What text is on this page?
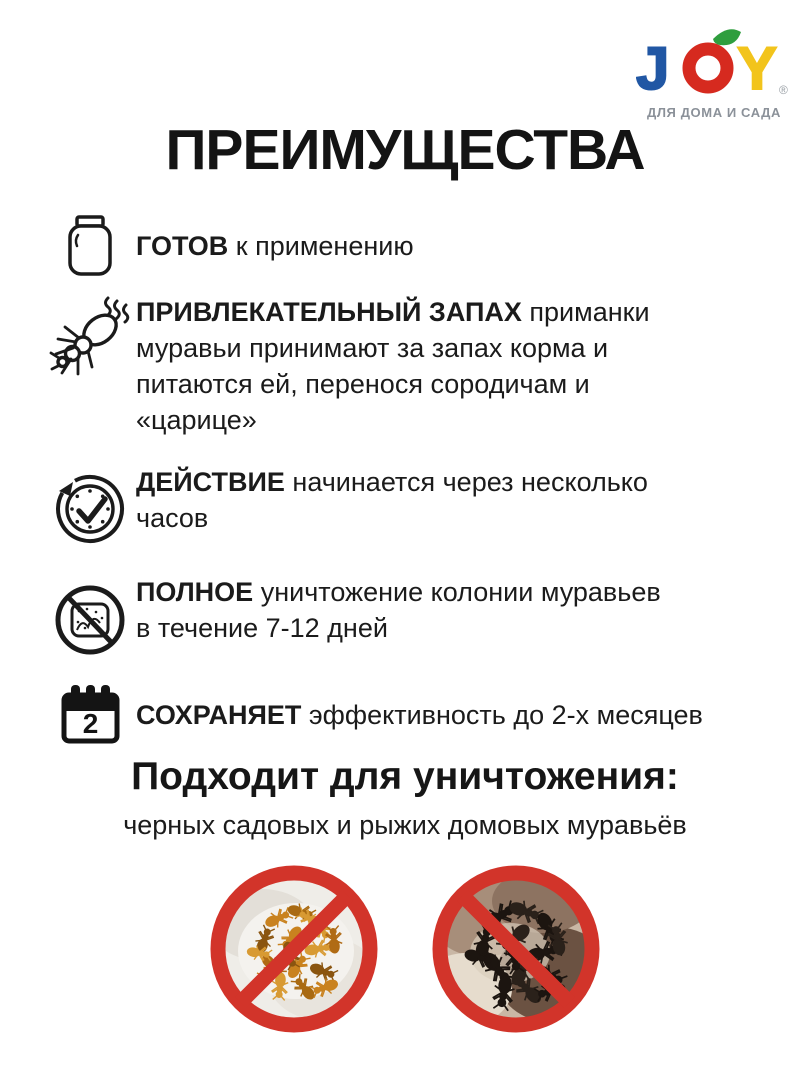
J Y ®
ДЛЯ ДОМА И САДА
ПРЕИМУЩЕСТВА

ГОТОВ к применению

ПРИВЛЕКАТЕЛЬНЫЙ ЗАПАХ приманки муравьи принимают за запах корма и питаются ей, перенося сородичам и «царице»

ДЕЙСТВИЕ начинается через несколько часов

ПОЛНОЕ уничтожение колонии муравьев в течение 7-12 дней

2 СОХРАНЯЕТ эффективность до 2-х месяцев

Подходит для уничтожения:

черных садовых и рыжих домовых муравьёв
